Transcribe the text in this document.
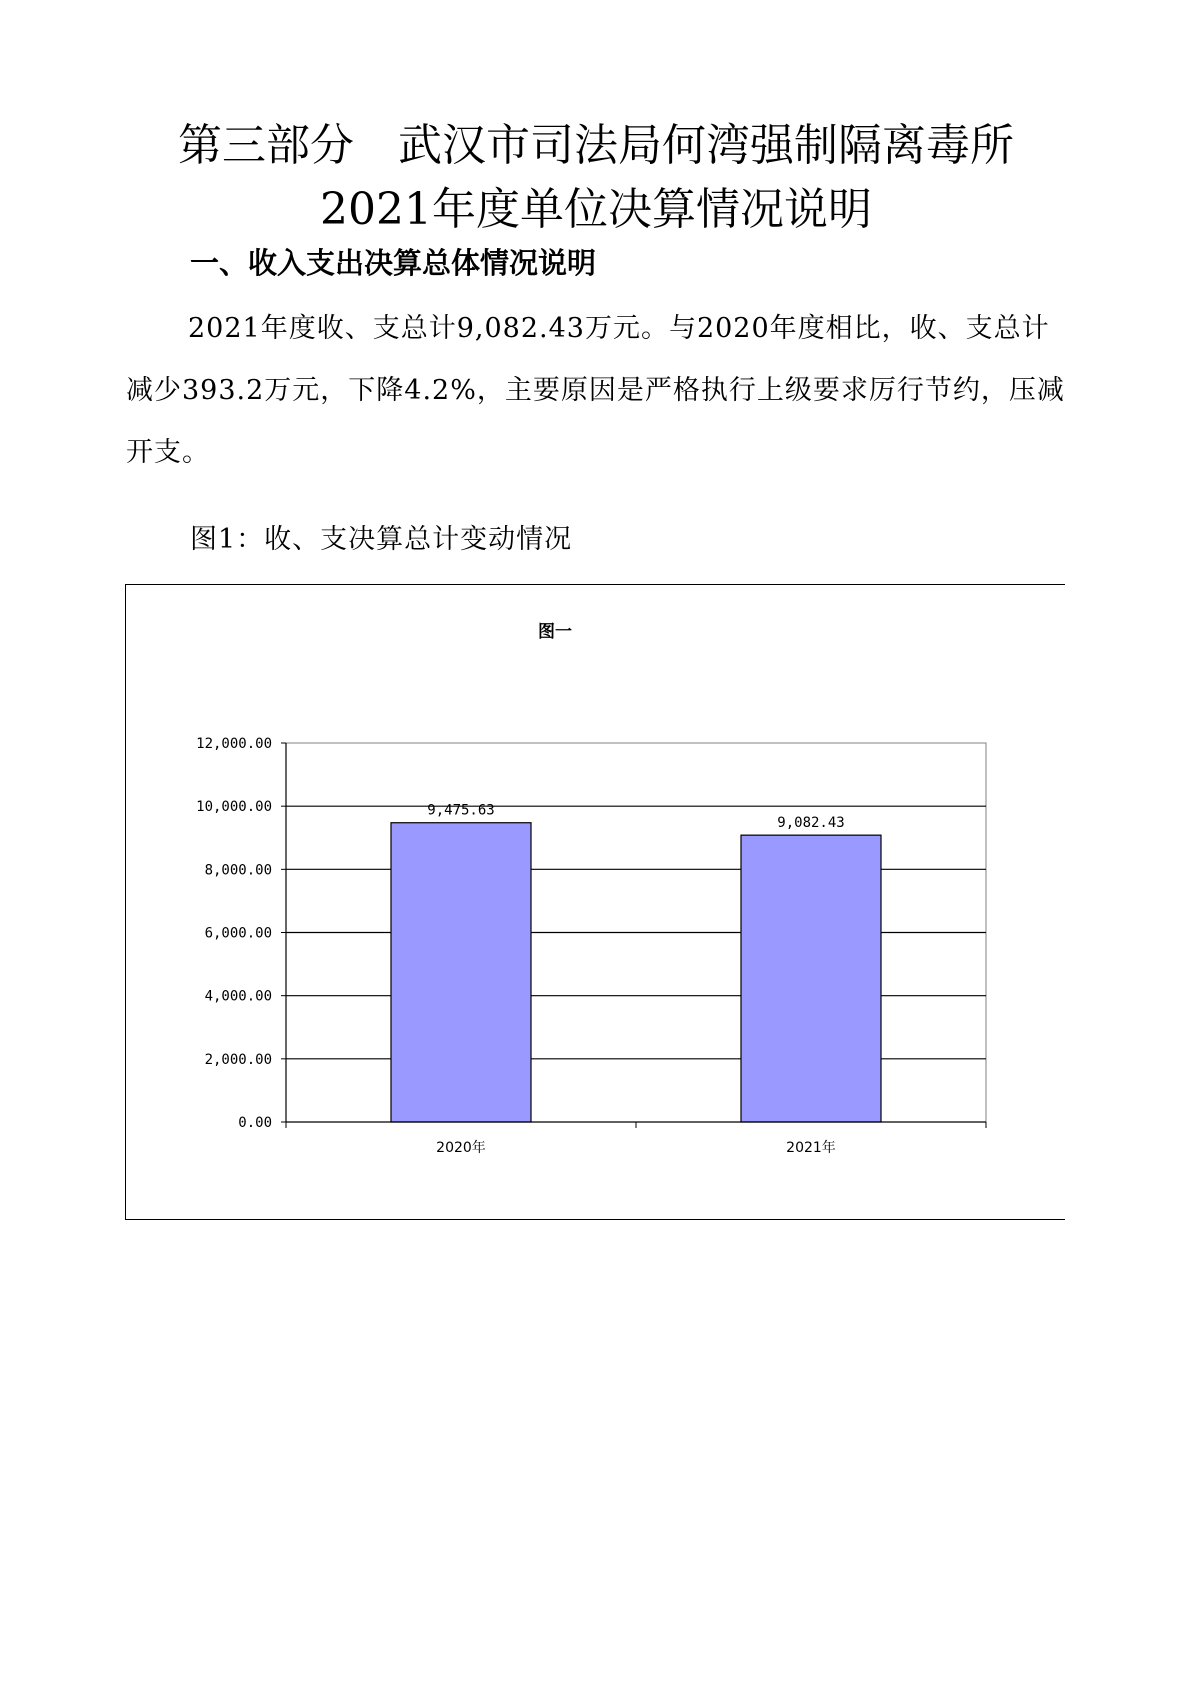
第三部分　武汉市司法局何湾强制隔离毒所
2021年度单位决算情况说明
一、收入支出决算总体情况说明

2021年度收、支总计9,082.43万元。与2020年度相比，收、支总计减少393.2万元，下降4.2%，主要原因是严格执行上级要求厉行节约，压减开支。

图1：收、支决算总计变动情况

图一
9,475.63
9,082.43
0.00
2,000.00
4,000.00
6,000.00
8,000.00
10,000.00
12,000.00
2020年	2021年
